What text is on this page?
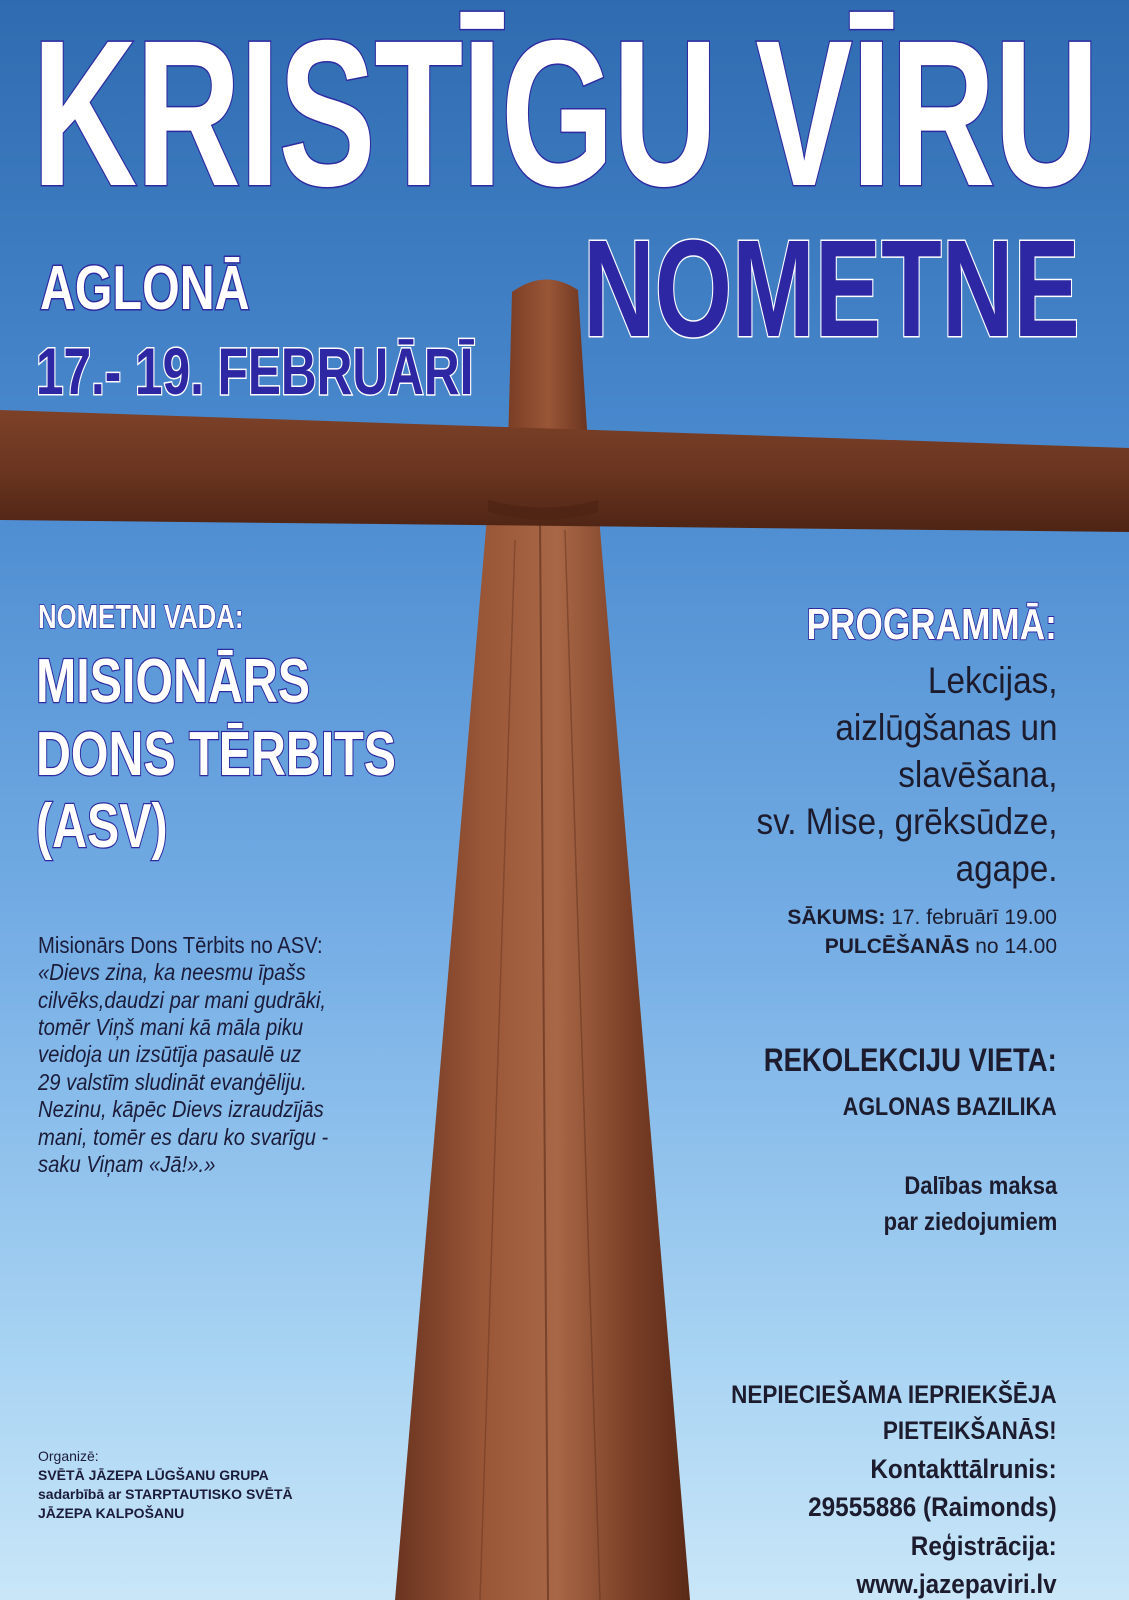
KRISTĪGU VĪRU
NOMETNE
AGLONĀ
17.- 19. FEBRUĀRĪ
NOMETNI VADA:
MISIONĀRS
DONS TĒRBITS
(ASV)
Misionārs Dons Tērbits no ASV:
«Dievs zina, ka neesmu īpašs
cilvēks,daudzi par mani gudrāki,
tomēr Viņš mani kā māla piku
veidoja un izsūtīja pasaulē uz
29 valstīm sludināt evanģēliju.
Nezinu, kāpēc Dievs izraudzījās
mani, tomēr es daru ko svarīgu -
saku Viņam «Jā!».»
Organizē:
SVĒTĀ JĀZEPA LŪGŠANU GRUPA
sadarbībā ar STARPTAUTISKO SVĒTĀ
JĀZEPA KALPOŠANU
PROGRAMMĀ:
Lekcijas,
aizlūgšanas un
slavēšana,
sv. Mise, grēksūdze,
agape.
SĀKUMS: 17. februārī 19.00
PULCĒŠANĀS no 14.00
REKOLEKCIJU VIETA:
AGLONAS BAZILIKA
Dalības maksa
par ziedojumiem
NEPIECIEŠAMA IEPRIEKŠĒJA
PIETEIKŠANĀS!
Kontakttālrunis:
29555886 (Raimonds)
Reģistrācija:
www.jazepaviri.lv
